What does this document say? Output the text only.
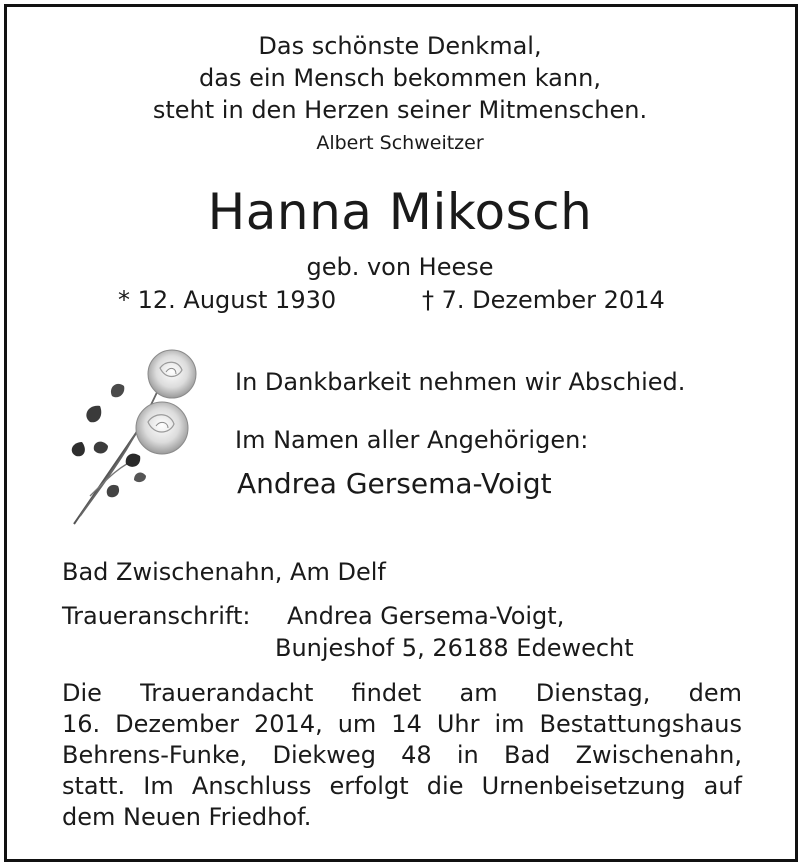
Das schönste Denkmal,
das ein Mensch bekommen kann,
steht in den Herzen seiner Mitmenschen.
Albert Schweitzer
Hanna Mikosch
geb. von Heese
* 12. August 1930	† 7. Dezember 2014
In Dankbarkeit nehmen wir Abschied.
Im Namen aller Angehörigen:
Andrea Gersema-Voigt
Bad Zwischenahn, Am Delf
Traueranschrift: Andrea Gersema-Voigt,
Bunjeshof 5, 26188 Edewecht
Die Trauerandacht findet am Dienstag, dem
16. Dezember 2014, um 14 Uhr im Bestattungshaus
Behrens-Funke, Diekweg 48 in Bad Zwischenahn,
statt. Im Anschluss erfolgt die Urnenbeisetzung auf
dem Neuen Friedhof.
